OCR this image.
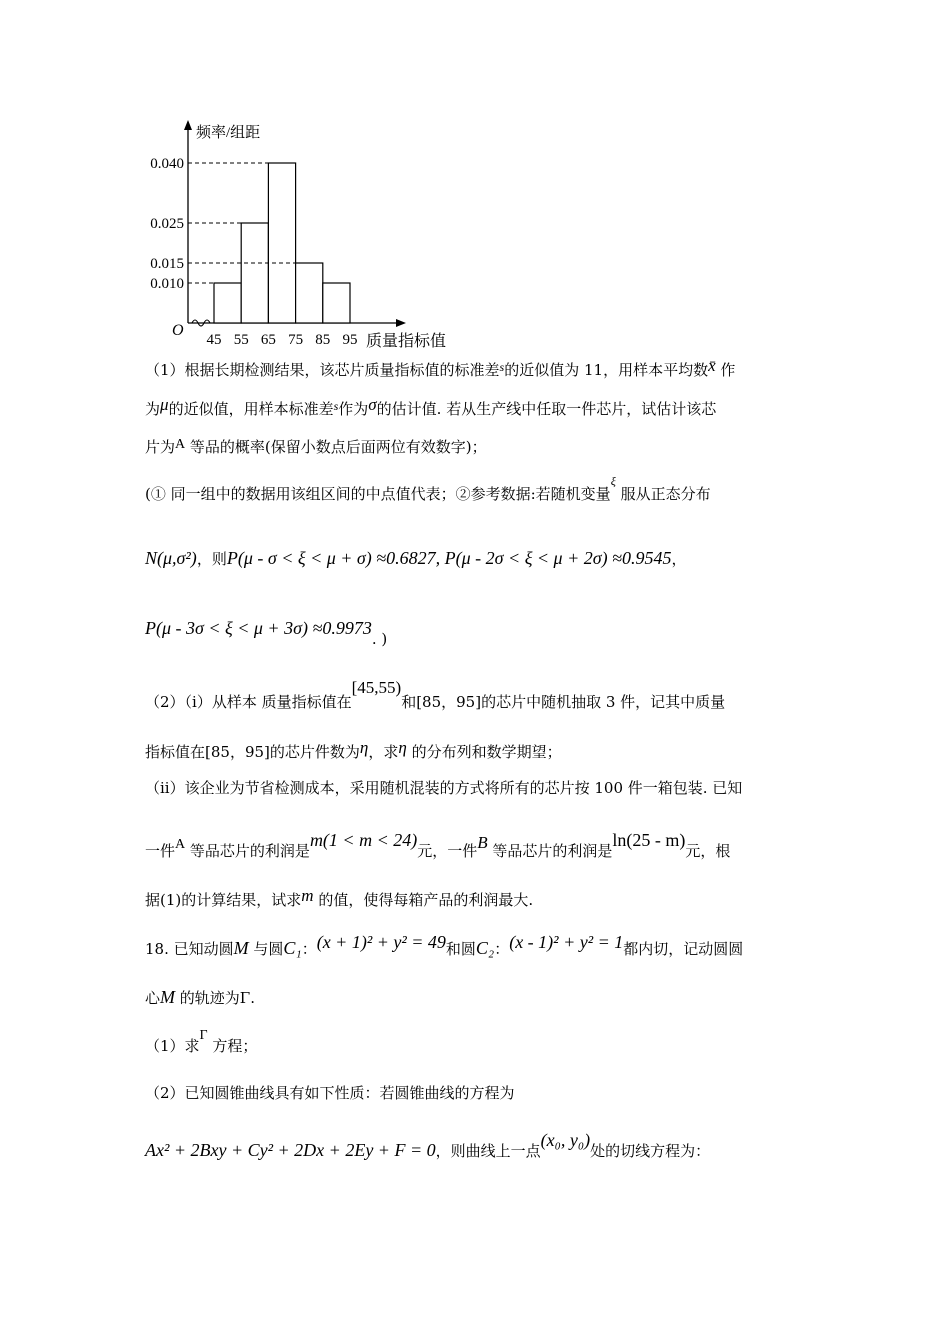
0.040
0.025
0.015
0.010
45 55 65 75 85 95
O
频率/组距
质量指标值
（1）根据长期检测结果，该芯片质量指标值的标准差$^s$的近似值为 11，用样本平均数x̄ 作
为μ的近似值，用样本标准差$^s$作为σ的估计值. 若从生产线中任取一件芯片，试估计该芯
片为A 等品的概率(保留小数点后面两位有效数字)；
(① 同一组中的数据用该组区间的中点值代表；②参考数据:若随机变量$^\xi$ 服从正态分布
N(μ,σ²)，则P(μ - σ < ξ < μ + σ) ≈0.6827, P(μ - 2σ < ξ < μ + 2σ) ≈0.9545，
P(μ - 3σ < ξ < μ + 3σ) ≈0.9973. )
（2）（i）从样本 质量指标值在[45,55)和[85，95]的芯片中随机抽取 3 件，记其中质量
指标值在[85，95]的芯片件数为η，求η 的分布列和数学期望；
（ii）该企业为节省检测成本，采用随机混装的方式将所有的芯片按 100 件一箱包装. 已知
一件A 等品芯片的利润是m(1 < m < 24)元，一件B 等品芯片的利润是ln(25 - m)元，根
据(1)的计算结果，试求m 的值，使得每箱产品的利润最大.
18. 已知动圆M 与圆C₁：(x + 1)² + y² = 49和圆C₂：(x - 1)² + y² = 1都内切，记动圆圆
心M 的轨迹为Γ.
（1）求Γ 方程；
（2）已知圆锥曲线具有如下性质：若圆锥曲线的方程为
Ax² + 2Bxy + Cy² + 2Dx + 2Ey + F = 0，则曲线上一点(x₀, y₀)处的切线方程为：
